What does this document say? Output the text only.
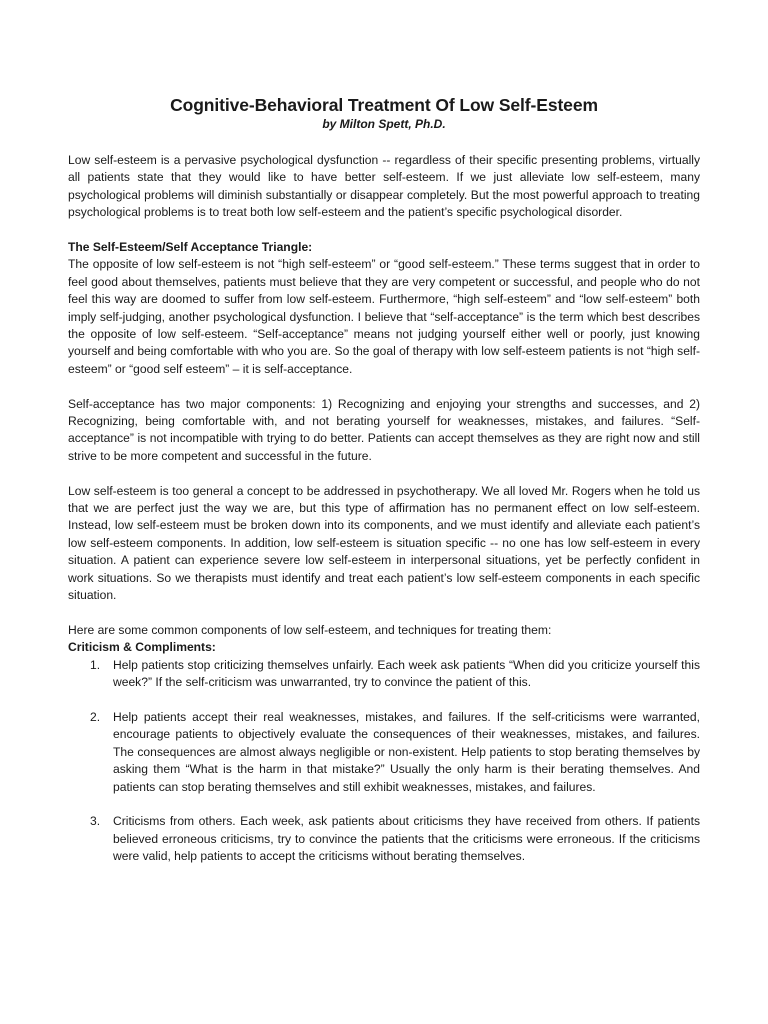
Cognitive-Behavioral Treatment Of Low Self-Esteem

by Milton Spett, Ph.D.

Low self-esteem is a pervasive psychological dysfunction -- regardless of their specific presenting problems, virtually all patients state that they would like to have better self-esteem. If we just alleviate low self-esteem, many psychological problems will diminish substantially or disappear completely. But the most powerful approach to treating psychological problems is to treat both low self-esteem and the patient’s specific psychological disorder.

The Self-Esteem/Self Acceptance Triangle:

The opposite of low self-esteem is not “high self-esteem” or “good self-esteem.” These terms suggest that in order to feel good about themselves, patients must believe that they are very competent or successful, and people who do not feel this way are doomed to suffer from low self-esteem. Furthermore, “high self-esteem” and “low self-esteem” both imply self-judging, another psychological dysfunction. I believe that “self-acceptance” is the term which best describes the opposite of low self-esteem. “Self-acceptance” means not judging yourself either well or poorly, just knowing yourself and being comfortable with who you are. So the goal of therapy with low self-esteem patients is not “high self-esteem” or “good self esteem” – it is self-acceptance.

Self-acceptance has two major components: 1) Recognizing and enjoying your strengths and successes, and 2) Recognizing, being comfortable with, and not berating yourself for weaknesses, mistakes, and failures. “Self-acceptance” is not incompatible with trying to do better. Patients can accept themselves as they are right now and still strive to be more competent and successful in the future.

Low self-esteem is too general a concept to be addressed in psychotherapy. We all loved Mr. Rogers when he told us that we are perfect just the way we are, but this type of affirmation has no permanent effect on low self-esteem. Instead, low self-esteem must be broken down into its components, and we must identify and alleviate each patient’s low self-esteem components. In addition, low self-esteem is situation specific -- no one has low self-esteem in every situation. A patient can experience severe low self-esteem in interpersonal situations, yet be perfectly confident in work situations. So we therapists must identify and treat each patient’s low self-esteem components in each specific situation.

Here are some common components of low self-esteem, and techniques for treating them:

Criticism & Compliments:

1. Help patients stop criticizing themselves unfairly. Each week ask patients “When did you criticize yourself this week?” If the self-criticism was unwarranted, try to convince the patient of this.
2. Help patients accept their real weaknesses, mistakes, and failures. If the self-criticisms were warranted, encourage patients to objectively evaluate the consequences of their weaknesses, mistakes, and failures. The consequences are almost always negligible or non-existent. Help patients to stop berating themselves by asking them “What is the harm in that mistake?” Usually the only harm is their berating themselves. And patients can stop berating themselves and still exhibit weaknesses, mistakes, and failures.
3. Criticisms from others. Each week, ask patients about criticisms they have received from others. If patients believed erroneous criticisms, try to convince the patients that the criticisms were erroneous. If the criticisms were valid, help patients to accept the criticisms without berating themselves.
